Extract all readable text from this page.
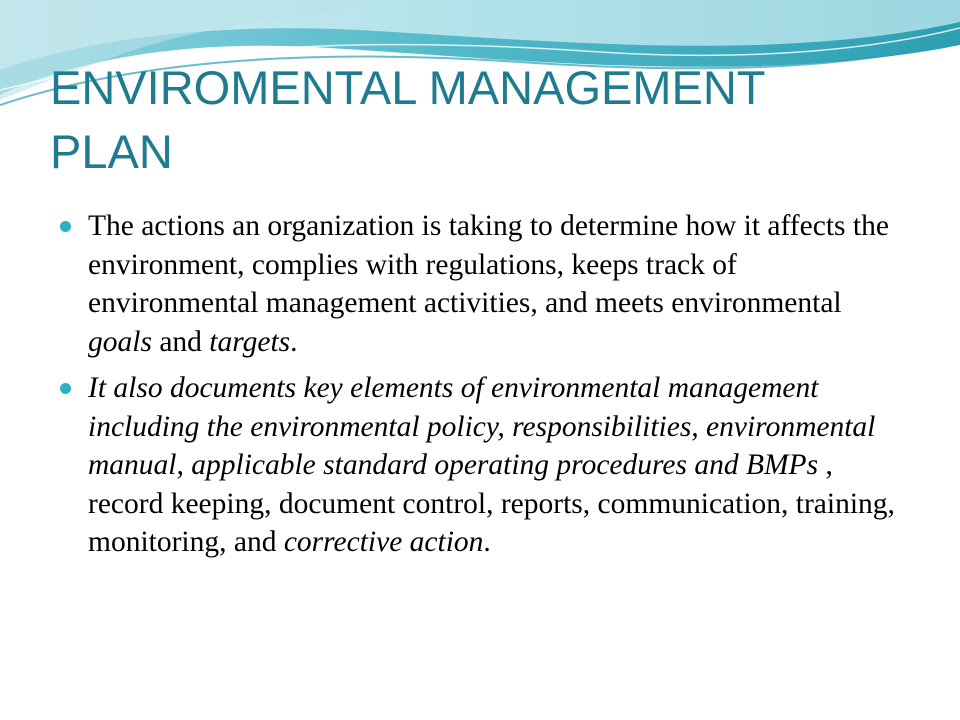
ENVIROMENTAL MANAGEMENT
PLAN
The actions an organization is taking to determine how it affects the environment, complies with regulations, keeps track of environmental management activities, and meets environmental goals and targets.
It also documents key elements of environmental management including the environmental policy, responsibilities, environmental manual, applicable standard operating procedures and BMPs , record keeping, document control, reports, communication, training, monitoring, and corrective action.
